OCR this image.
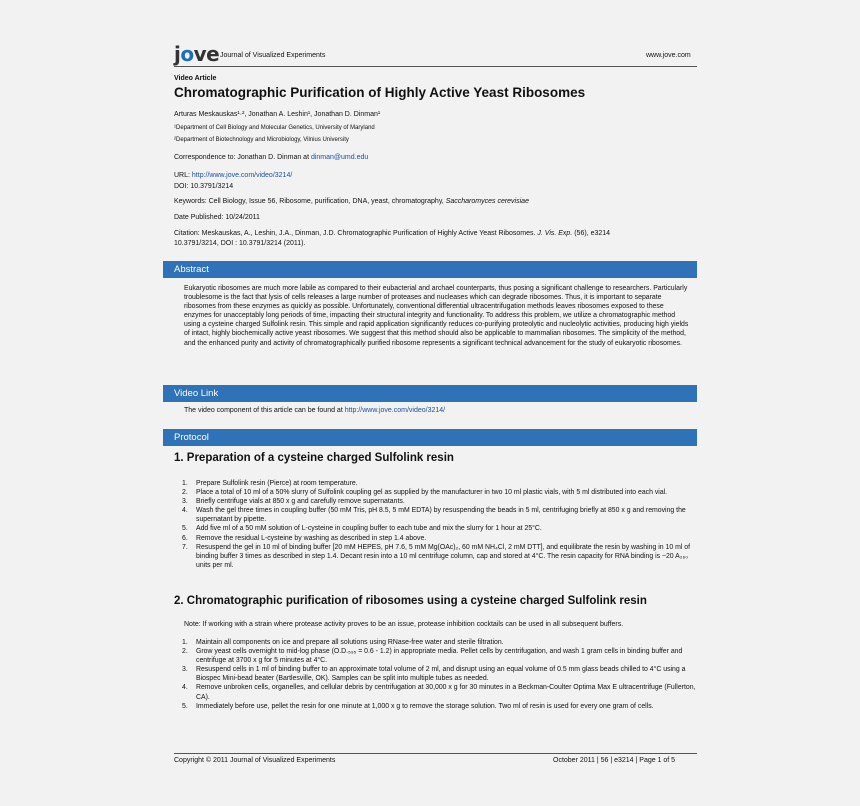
jove Journal of Visualized Experiments	www.jove.com
Video Article
Chromatographic Purification of Highly Active Yeast Ribosomes
Arturas Meskauskas¹·², Jonathan A. Leshin¹, Jonathan D. Dinman¹
¹Department of Cell Biology and Molecular Genetics, University of Maryland
²Department of Biotechnology and Microbiology, Vilnius University
Correspondence to: Jonathan D. Dinman at dinman@umd.edu
URL: http://www.jove.com/video/3214/
DOI: 10.3791/3214
Keywords: Cell Biology, Issue 56, Ribosome, purification, DNA, yeast, chromatography, Saccharomyces cerevisiae
Date Published: 10/24/2011
Citation: Meskauskas, A., Leshin, J.A., Dinman, J.D. Chromatographic Purification of Highly Active Yeast Ribosomes. J. Vis. Exp. (56), e3214
10.3791/3214, DOI : 10.3791/3214 (2011).
Abstract
Eukaryotic ribosomes are much more labile as compared to their eubacterial and archael counterparts, thus posing a significant challenge to researchers. Particularly troublesome is the fact that lysis of cells releases a large number of proteases and nucleases which can degrade ribosomes. Thus, it is important to separate ribosomes from these enzymes as quickly as possible. Unfortunately, conventional differential ultracentrifugation methods leaves ribosomes exposed to these enzymes for unacceptably long periods of time, impacting their structural integrity and functionality. To address this problem, we utilize a chromatographic method using a cysteine charged Sulfolink resin. This simple and rapid application significantly reduces co-purifying proteolytic and nucleolytic activities, producing high yields of intact, highly biochemically active yeast ribosomes. We suggest that this method should also be applicable to mammalian ribosomes. The simplicity of the method, and the enhanced purity and activity of chromatographically purified ribosome represents a significant technical advancement for the study of eukaryotic ribosomes.
Video Link
The video component of this article can be found at http://www.jove.com/video/3214/
Protocol
1. Preparation of a cysteine charged Sulfolink resin
1. Prepare Sulfolink resin (Pierce) at room temperature.
2. Place a total of 10 ml of a 50% slurry of Sulfolink coupling gel as supplied by the manufacturer in two 10 ml plastic vials, with 5 ml distributed into each vial.
3. Briefly centrifuge vials at 850 x g and carefully remove supernatants.
4. Wash the gel three times in coupling buffer (50 mM Tris, pH 8.5, 5 mM EDTA) by resuspending the beads in 5 ml, centrifuging briefly at 850 x g and removing the supernatant by pipette.
5. Add five ml of a 50 mM solution of L-cysteine in coupling buffer to each tube and mix the slurry for 1 hour at 25°C.
6. Remove the residual L-cysteine by washing as described in step 1.4 above.
7. Resuspend the gel in 10 ml of binding buffer [20 mM HEPES, pH 7.6, 5 mM Mg(OAc)₂, 60 mM NH₄Cl, 2 mM DTT], and equilibrate the resin by washing in 10 ml of binding buffer 3 times as described in step 1.4. Decant resin into a 10 ml centrifuge column, cap and stored at 4°C. The resin capacity for RNA binding is ~20 A₂₆₀ units per ml.
2. Chromatographic purification of ribosomes using a cysteine charged Sulfolink resin
Note: If working with a strain where protease activity proves to be an issue, protease inhibition cocktails can be used in all subsequent buffers.
1. Maintain all components on ice and prepare all solutions using RNase-free water and sterile filtration.
2. Grow yeast cells overnight to mid-log phase (O.D.₅₉₅ = 0.6 - 1.2) in appropriate media. Pellet cells by centrifugation, and wash 1 gram cells in binding buffer and centrifuge at 3700 x g for 5 minutes at 4°C.
3. Resuspend cells in 1 ml of binding buffer to an approximate total volume of 2 ml, and disrupt using an equal volume of 0.5 mm glass beads chilled to 4°C using a Biospec Mini-bead beater (Bartlesville, OK). Samples can be split into multiple tubes as needed.
4. Remove unbroken cells, organelles, and cellular debris by centrifugation at 30,000 x g for 30 minutes in a Beckman-Coulter Optima Max E ultracentrifuge (Fullerton, CA).
5. Immediately before use, pellet the resin for one minute at 1,000 x g to remove the storage solution. Two ml of resin is used for every one gram of cells.
Copyright © 2011 Journal of Visualized Experiments	October 2011 | 56 | e3214 | Page 1 of 5
